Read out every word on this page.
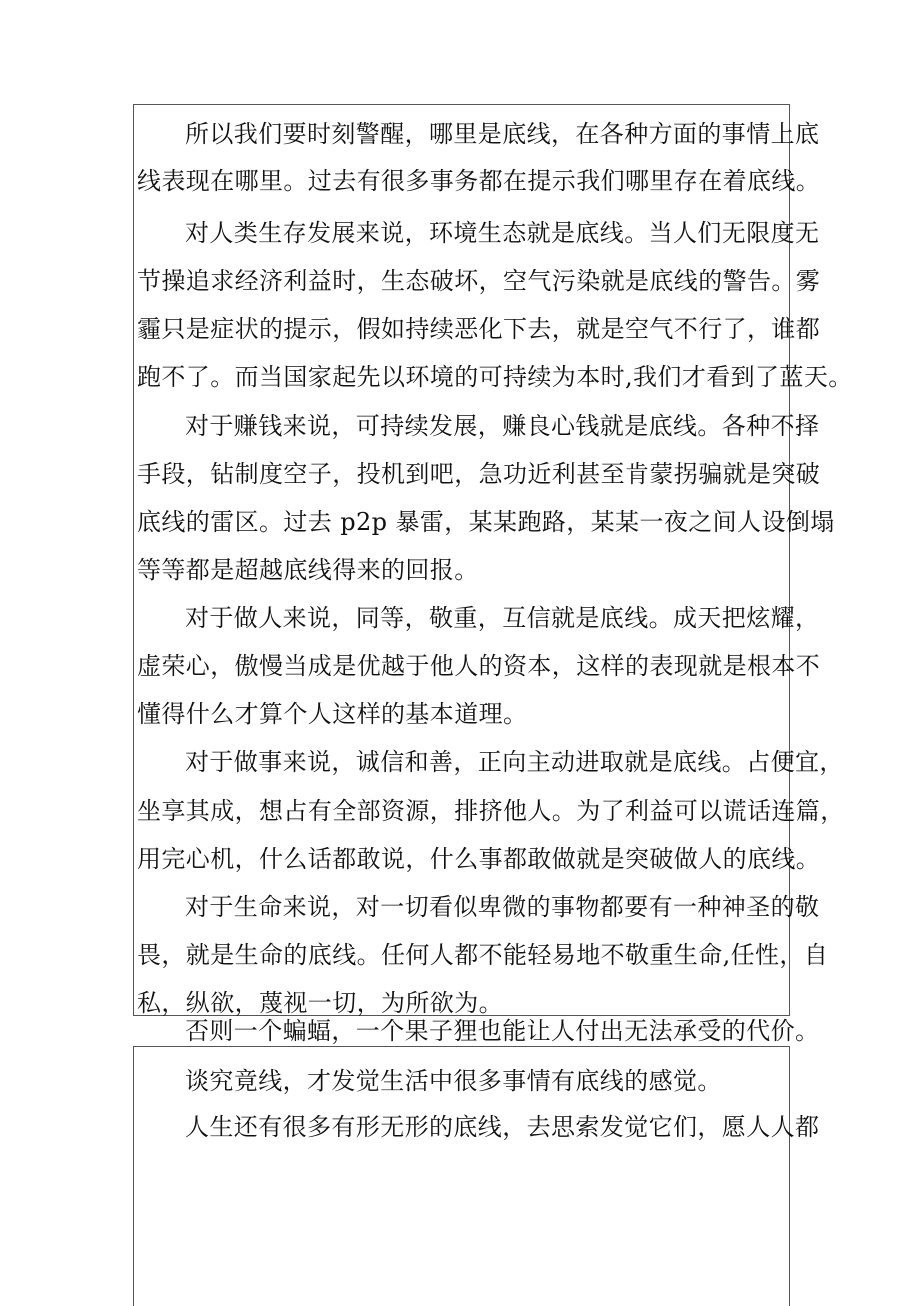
所以我们要时刻警醒，哪里是底线，在各种方面的事情上底
线表现在哪里。过去有很多事务都在提示我们哪里存在着底线。
对人类生存发展来说，环境生态就是底线。当人们无限度无
节操追求经济利益时，生态破坏，空气污染就是底线的警告。雾
霾只是症状的提示，假如持续恶化下去，就是空气不行了，谁都
跑不了。而当国家起先以环境的可持续为本时,我们才看到了蓝天。
对于赚钱来说，可持续发展，赚良心钱就是底线。各种不择
手段，钻制度空子，投机到吧，急功近利甚至肯蒙拐骗就是突破
底线的雷区。过去 p2p 暴雷，某某跑路，某某一夜之间人设倒塌
等等都是超越底线得来的回报。
对于做人来说，同等，敬重，互信就是底线。成天把炫耀，
虚荣心，傲慢当成是优越于他人的资本，这样的表现就是根本不
懂得什么才算个人这样的基本道理。
对于做事来说，诚信和善，正向主动进取就是底线。占便宜，
坐享其成，想占有全部资源，排挤他人。为了利益可以谎话连篇，
用完心机，什么话都敢说，什么事都敢做就是突破做人的底线。
对于生命来说，对一切看似卑微的事物都要有一种神圣的敬
畏，就是生命的底线。任何人都不能轻易地不敬重生命,任性，自
私，纵欲，蔑视一切，为所欲为。
否则一个蝙蝠，一个果子狸也能让人付出无法承受的代价。
谈究竟线，才发觉生活中很多事情有底线的感觉。
人生还有很多有形无形的底线，去思索发觉它们，愿人人都
